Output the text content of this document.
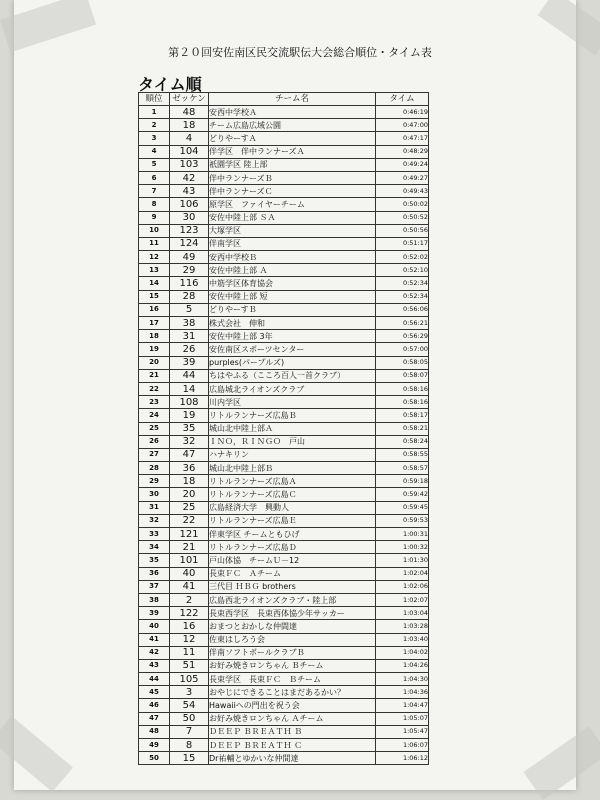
第２０回安佐南区民交流駅伝大会総合順位・タイム表
タイム順
順位	ゼッケン	チーム名	タイム
1	48	安西中学校Ａ	0:46:19
2	18	チーム広島広域公園	0:47:00
3	4	どりやーすＡ	0:47:17
4	104	伴学区　伴中ランナーズＡ	0:48:29
5	103	祇園学区 陸上部	0:49:24
6	42	伴中ランナーズＢ	0:49:27
7	43	伴中ランナーズＣ	0:49:43
8	106	原学区　ファイヤーチーム	0:50:02
9	30	安佐中陸上部 ＳＡ	0:50:52
10	123	大塚学区	0:50:56
11	124	伴南学区	0:51:17
12	49	安西中学校Ｂ	0:52:02
13	29	安佐中陸上部 Ａ	0:52:10
14	116	中筋学区体育協会	0:52:34
15	28	安佐中陸上部 短	0:52:34
16	5	どりやーすＢ	0:56:06
17	38	株式会社　伸和	0:56:21
18	31	安佐中陸上部 3年	0:56:29
19	26	安佐南区スポーツセンター	0:57:00
20	39	purples(パープルズ)	0:58:05
21	44	ちはやふる（こころ百人一首クラブ）	0:58:07
22	14	広島城北ライオンズクラブ	0:58:16
23	108	川内学区	0:58:16
24	19	リトルランナーズ広島Ｂ	0:58:17
25	35	城山北中陸上部Ａ	0:58:21
26	32	ＩＮＯ，ＲＩＮＧＯ　戸山	0:58:24
27	47	ハナキリン	0:58:55
28	36	城山北中陸上部Ｂ	0:58:57
29	18	リトルランナーズ広島Ａ	0:59:18
30	20	リトルランナーズ広島Ｃ	0:59:42
31	25	広島経済大学　興動人	0:59:45
32	22	リトルランナーズ広島Ｅ	0:59:53
33	121	伴東学区 チームともひげ	1:00:31
34	21	リトルランナーズ広島Ｄ	1:00:32
35	101	戸山体協　チームＵ－12	1:01:30
36	40	長束ＦＣ　Ａチーム	1:02:04
37	41	三代目 ＨＢＧ brothers	1:02:06
38	2	広島西北ライオンズクラブ・陸上部	1:02:07
39	122	長束西学区　長束西体協少年サッカー	1:03:04
40	16	おまつとおかしな仲間達	1:03:28
41	12	佐東はしろう会	1:03:40
42	11	伴南ソフトボールクラブＢ	1:04:02
43	51	お好み焼きロンちゃん Ｂチーム	1:04:26
44	105	長束学区　長束ＦＣ　Ｂチーム	1:04:30
45	3	おやじにできることはまだあるかい？	1:04:36
46	54	Hawaiiへの門出を祝う会	1:04:47
47	50	お好み焼きロンちゃん Ａチーム	1:05:07
48	7	ＤＥＥＰ ＢＲＥＡＴＨ Ｂ	1:05:47
49	8	ＤＥＥＰ ＢＲＥＡＴＨ Ｃ	1:06:07
50	15	Dr祐輔とゆかいな仲間達	1:06:12
